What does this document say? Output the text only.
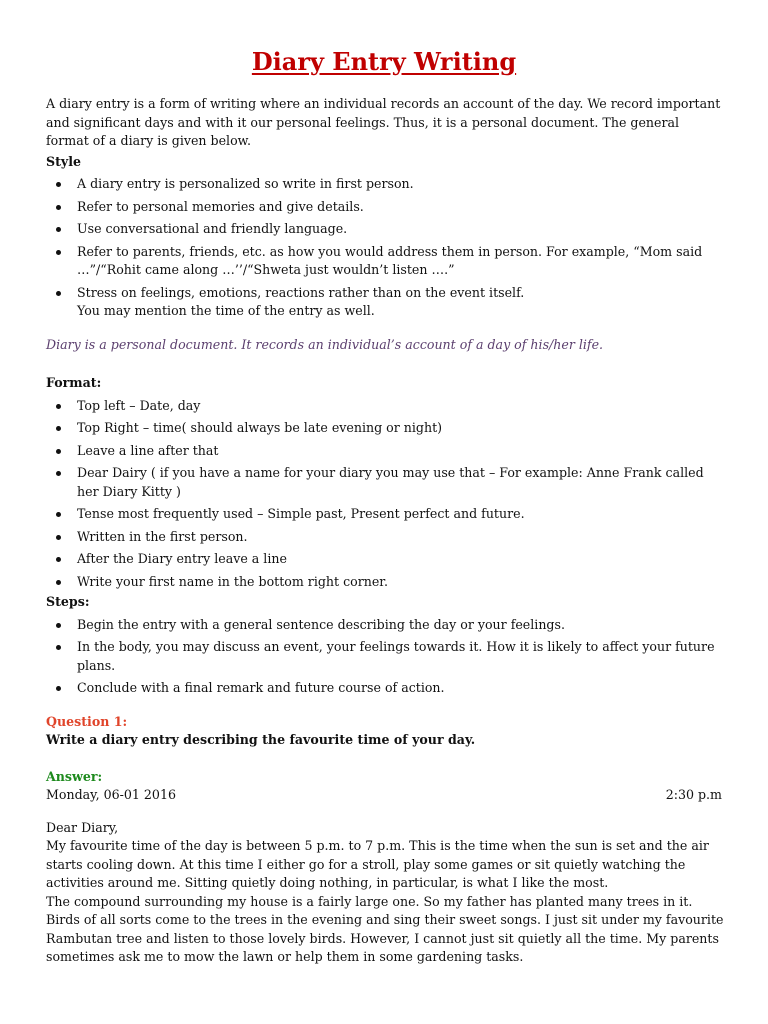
Diary Entry Writing

A diary entry is a form of writing where an individual records an account of the day. We record important and significant days and with it our personal feelings. Thus, it is a personal document. The general format of a diary is given below.

Style

A diary entry is personalized so write in first person.
Refer to personal memories and give details.
Use conversational and friendly language.
Refer to parents, friends, etc. as how you would address them in person. For example, “Mom said …”/“Rohit came along …’’/“Shweta just wouldn’t listen ….”
Stress on feelings, emotions, reactions rather than on the event itself.
You may mention the time of the entry as well.

Diary is a personal document. It records an individual’s account of a day of his/her life.

Format:

Top left – Date, day
Top Right – time( should always be late evening or night)
Leave a line after that
Dear Dairy ( if you have a name for your diary you may use that – For example: Anne Frank called her Diary Kitty )
Tense most frequently used – Simple past, Present perfect and future.
Written in the first person.
After the Diary entry leave a line
Write your first name in the bottom right corner.

Steps:

Begin the entry with a general sentence describing the day or your feelings.
In the body, you may discuss an event, your feelings towards it. How it is likely to affect your future plans.
Conclude with a final remark and future course of action.

Question 1:

Write a diary entry describing the favourite time of your day.

Answer:

Monday, 06-01 2016	2:30 p.m

Dear Diary,

My favourite time of the day is between 5 p.m. to 7 p.m. This is the time when the sun is set and the air starts cooling down. At this time I either go for a stroll, play some games or sit quietly watching the activities around me. Sitting quietly doing nothing, in particular, is what I like the most.

The compound surrounding my house is a fairly large one. So my father has planted many trees in it. Birds of all sorts come to the trees in the evening and sing their sweet songs. I just sit under my favourite Rambutan tree and listen to those lovely birds. However, I cannot just sit quietly all the time. My parents sometimes ask me to mow the lawn or help them in some gardening tasks.
